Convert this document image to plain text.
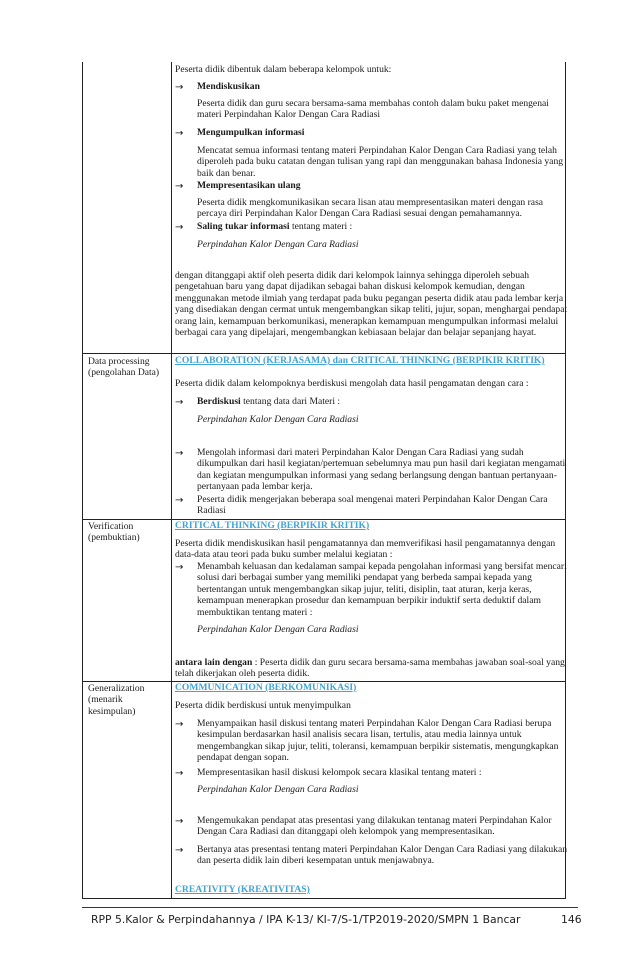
Peserta didik dibentuk dalam beberapa kelompok untuk:
→ Mendiskusikan
Peserta didik dan guru secara bersama-sama membahas contoh dalam buku paket mengenai materi Perpindahan Kalor Dengan Cara Radiasi
→ Mengumpulkan informasi
Mencatat semua informasi tentang materi Perpindahan Kalor Dengan Cara Radiasi yang telah diperoleh pada buku catatan dengan tulisan yang rapi dan menggunakan bahasa Indonesia yang baik dan benar.
→ Mempresentasikan ulang
Peserta didik mengkomunikasikan secara lisan atau mempresentasikan materi dengan rasa percaya diri Perpindahan Kalor Dengan Cara Radiasi sesuai dengan pemahamannya.
→ Saling tukar informasi tentang materi :
Perpindahan Kalor Dengan Cara Radiasi
dengan ditanggapi aktif oleh peserta didik dari kelompok lainnya sehingga diperoleh sebuah pengetahuan baru yang dapat dijadikan sebagai bahan diskusi kelompok kemudian, dengan menggunakan metode ilmiah yang terdapat pada buku pegangan peserta didik atau pada lembar kerja yang disediakan dengan cermat untuk mengembangkan sikap teliti, jujur, sopan, menghargai pendapat orang lain, kemampuan berkomunikasi, menerapkan kemampuan mengumpulkan informasi melalui berbagai cara yang dipelajari, mengembangkan kebiasaan belajar dan belajar sepanjang hayat.
Data processing (pengolahan Data)
COLLABORATION (KERJASAMA) dan CRITICAL THINKING (BERPIKIR KRITIK)
Peserta didik dalam kelompoknya berdiskusi mengolah data hasil pengamatan dengan cara :
→ Berdiskusi tentang data dari Materi :
Perpindahan Kalor Dengan Cara Radiasi
→ Mengolah informasi dari materi Perpindahan Kalor Dengan Cara Radiasi yang sudah dikumpulkan dari hasil kegiatan/pertemuan sebelumnya mau pun hasil dari kegiatan mengamati dan kegiatan mengumpulkan informasi yang sedang berlangsung dengan bantuan pertanyaan-pertanyaan pada lembar kerja.
→ Peserta didik mengerjakan beberapa soal mengenai materi Perpindahan Kalor Dengan Cara Radiasi
Verification (pembuktian)
CRITICAL THINKING (BERPIKIR KRITIK)
Peserta didik mendiskusikan hasil pengamatannya dan memverifikasi hasil pengamatannya dengan data-data atau teori pada buku sumber melalui kegiatan :
→ Menambah keluasan dan kedalaman sampai kepada pengolahan informasi yang bersifat mencari solusi dari berbagai sumber yang memiliki pendapat yang berbeda sampai kepada yang bertentangan untuk mengembangkan sikap jujur, teliti, disiplin, taat aturan, kerja keras, kemampuan menerapkan prosedur dan kemampuan berpikir induktif serta deduktif dalam membuktikan tentang materi :
Perpindahan Kalor Dengan Cara Radiasi
antara lain dengan : Peserta didik dan guru secara bersama-sama membahas jawaban soal-soal yang telah dikerjakan oleh peserta didik.
Generalization (menarik kesimpulan)
COMMUNICATION (BERKOMUNIKASI)
Peserta didik berdiskusi untuk menyimpulkan
→ Menyampaikan hasil diskusi tentang materi Perpindahan Kalor Dengan Cara Radiasi berupa kesimpulan berdasarkan hasil analisis secara lisan, tertulis, atau media lainnya untuk mengembangkan sikap jujur, teliti, toleransi, kemampuan berpikir sistematis, mengungkapkan pendapat dengan sopan.
→ Mempresentasikan hasil diskusi kelompok secara klasikal tentang materi :
Perpindahan Kalor Dengan Cara Radiasi
→ Mengemukakan pendapat atas presentasi yang dilakukan tentanag materi Perpindahan Kalor Dengan Cara Radiasi dan ditanggapi oleh kelompok yang mempresentasikan.
→ Bertanya atas presentasi tentang materi Perpindahan Kalor Dengan Cara Radiasi yang dilakukan dan peserta didik lain diberi kesempatan untuk menjawabnya.
CREATIVITY (KREATIVITAS)
RPP 5.Kalor & Perpindahannya / IPA K-13/ KI-7/S-1/TP2019-2020/SMPN 1 Bancar	146
